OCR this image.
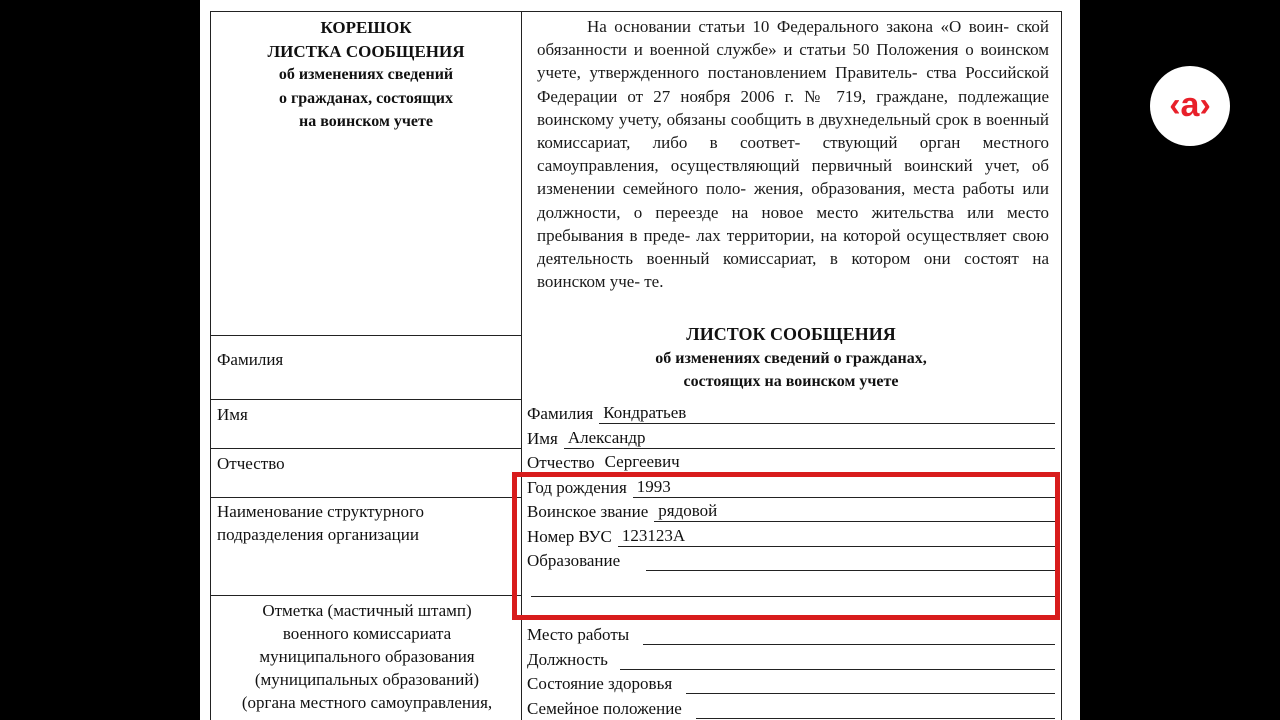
КОРЕШОК
ЛИСТКА СООБЩЕНИЯ
об изменениях сведений
о гражданах, состоящих
на воинском учете
Фамилия
Имя
Отчество
Наименование структурного
подразделения организации
Отметка (мастичный штамп)
военного комиссариата
муниципального образования
(муниципальных образований)
(органа местного самоуправления,
На основании статьи 10 Федерального закона «О воин- ской обязанности и военной службе» и статьи 50 Положения о воинском учете, утвержденного постановлением Правитель- ства Российской Федерации от 27 ноября 2006 г. № 719, граждане, подлежащие воинскому учету, обязаны сообщить в двухнедельный срок в военный комиссариат, либо в соответ- ствующий орган местного самоуправления, осуществляющий первичный воинский учет, об изменении семейного поло- жения, образования, места работы или должности, о переезде на новое место жительства или место пребывания в преде- лах территории, на которой осуществляет свою деятельность военный комиссариат, в котором они состоят на воинском уче- те.
ЛИСТОК СООБЩЕНИЯ
об изменениях сведений о гражданах,
состоящих на воинском учете
Фамилия Кондратьев
Имя Александр
Отчество Сергеевич
Год рождения 1993
Воинское звание рядовой
Номер ВУС 123123А
Образование
Место работы
Должность
Состояние здоровья
Семейное положение
‹a›
